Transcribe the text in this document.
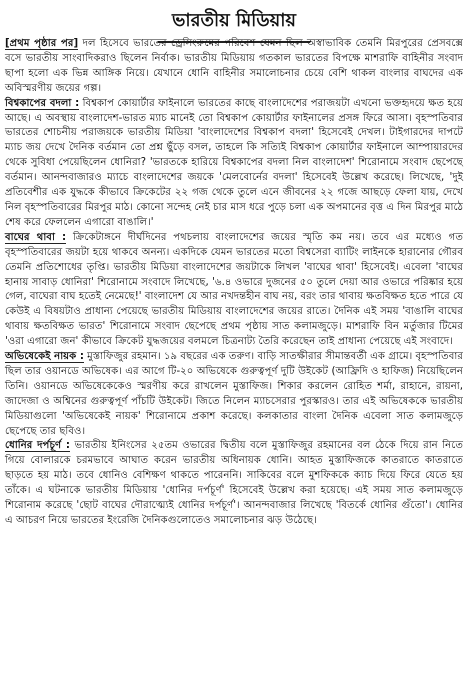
ভারতীয় মিডিয়ায়

[প্রথম পৃষ্ঠার পর] দল হিসেবে ভারতের ড্রেসিংরুমের পরিবেশ যেমন ছিল অস্বাভাবিক তেমনি মিরপুরের প্রেসবক্সে বসে ভারতীয় সাংবাদিকরাও ছিলেন নির্বাক। ভারতীয় মিডিয়ায় গতকাল ভারতের বিপক্ষে মাশরাফি বাহিনীর সংবাদ ছাপা হলো এক ভিন্ন আঙ্গিক নিয়ে। যেখানে ধোনি বাহিনীর সমালোচনার চেয়ে বেশি থাকল বাংলার বাঘদের এক অবিস্মরণীয় জয়ের গল্প।

বিশ্বকাপের বদলা : বিশ্বকাপ কোয়ার্টার ফাইনালে ভারতের কাছে বাংলাদেশের পরাজয়টা এখনো ভক্তহৃদয়ে ক্ষত হয়ে আছে। এ অবস্থায় বাংলাদেশ-ভারত ম্যাচ মানেই তো বিশ্বকাপ কোয়ার্টার ফাইনালের প্রসঙ্গ ফিরে আসা। বৃহস্পতিবার ভারতের শোচনীয় পরাজয়কে ভারতীয় মিডিয়া 'বাংলাদেশের বিশ্বকাপ বদলা' হিসেবেই দেখল। টাইগারদের দাপটে ম্যাচ জয় দেখে দৈনিক বর্তমান তো প্রশ্ন ছুঁড়ে বসল, তাহলে কি সত্যিই বিশ্বকাপ কোয়ার্টার ফাইনালে আম্পায়ারদের থেকে সুবিধা পেয়েছিলেন ধোনিরা? 'ভারতকে হারিয়ে বিশ্বকাপের বদলা নিল বাংলাদেশ' শিরোনামে সংবাদ ছেপেছে বর্তমান। আনন্দবাজারও ম্যাচে বাংলাদেশের জয়কে 'মেলবোর্নের বদলা' হিসেবেই উল্লেখ করেছে। লিখেছে, 'দুই প্রতিবেশীর এক যুদ্ধকে কীভাবে ক্রিকেটের ২২ গজ থেকে তুলে এনে জীবনের ২২ গজে আছড়ে ফেলা যায়, দেখে নিল বৃহস্পতিবারের মিরপুর মাঠ। কোনো সন্দেহ নেই চার মাস ধরে পুড়ে চলা এক অপমানের বৃত্ত এ দিন মিরপুর মাঠে শেষ করে ফেললেন এগারো বাঙালি।'

বাঘের থাবা : ক্রিকেটাঙ্গনে দীর্ঘদিনের পথচলায় বাংলাদেশের জয়ের স্মৃতি কম নয়। তবে এর মধ্যেও গত বৃহস্পতিবারের জয়টা হয়ে থাকবে অনন্য। একদিকে যেমন ভারতের মতো বিশ্বসেরা ব্যাটিং লাইনকে হারানোর গৌরব তেমনি প্রতিশোধের তৃপ্তি। ভারতীয় মিডিয়া বাংলাদেশের জয়টাকে লিখল 'বাঘের থাবা' হিসেবেই। এবেলা 'বাঘের হানায় সাবাড় ধোনিরা' শিরোনামে সংবাদে লিখেছে, '৬.৪ ওভারে দুজনের ৫০ তুলে দেয়া আর ওভারে পরিষ্কার হয়ে গেল, বাঘেরা বাঘ হতেই নেমেছে!' বাংলাদেশ যে আর নখদন্তহীন বাঘ নয়, বরং তার থাবায় ক্ষতবিক্ষত হতে পারে যে কেউই এ বিষয়টাও প্রাধান্য পেয়েছে ভারতীয় মিডিয়ায় বাংলাদেশের জয়ের রাতে। দৈনিক এই সময় 'বাঙালি বাঘের থাবায় ক্ষতবিক্ষত ভারত' শিরোনামে সংবাদ ছেপেছে প্রথম পৃষ্ঠায় সাত কলামজুড়ে। মাশরাফি বিন মর্তুজার টিমের 'ওরা এগারো জন' কীভাবে ক্রিকেট যুদ্ধজয়ের বলমলে চিত্রনাট্য তৈরি করেছেন তাই প্রাধান্য পেয়েছে এই সংবাদে।

অভিষেকেই নায়ক : মুস্তাফিজুর রহমান। ১৯ বছরের এক তরুণ। বাড়ি সাতক্ষীরার সীমান্তবর্তী এক গ্রামে। বৃহস্পতিবার ছিল তার ওয়ানডে অভিষেক। এর আগে টি-২০ অভিষেকে গুরুত্বপূর্ণ দুটি উইকেট (আফ্রিদি ও হাফিজ) নিয়েছিলেন তিনি। ওয়ানডে অভিষেকেকেও স্মরণীয় করে রাখলেন মুস্তাফিজ। শিকার করলেন রোহিত শর্মা, রাহানে, রায়না, জাদেজা ও অশ্বিনের গুরুত্বপূর্ণ পাঁচটি উইকেট। জিতে নিলেন ম্যাচসেরার পুরস্কারও। তার এই অভিষেককে ভারতীয় মিডিয়াগুলো 'অভিষেকেই নায়ক' শিরোনামে প্রকাশ করেছে। কলকাতার বাংলা দৈনিক এবেলা সাত কলামজুড়ে ছেপেছে তার ছবিও।

ধোনির দর্পচূর্ণ : ভারতীয় ইনিংসের ২৫তম ওভারের দ্বিতীয় বলে মুস্তাফিজুর রহমানের বল ঠেকে দিয়ে রান নিতে গিয়ে বোলারকে চরমভাবে আঘাত করেন ভারতীয় অধিনায়ক ধোনি। আহত মুস্তাফিজকে কাতরাতে কাতরাতে ছাড়তে হয় মাঠ। তবে ধোনিও বেশিক্ষণ থাকতে পারেননি। সাকিবের বলে মুশফিককে ক্যাচ দিয়ে ফিরে যেতে হয় তাঁকে। এ ঘটনাকে ভারতীয় মিডিয়ায় 'ধোনির দর্পচূর্ণ' হিসেবেই উল্লেখ করা হয়েছে। এই সময় সাত কলামজুড়ে শিরোনাম করেছে 'ছোট বাঘের দৌরাত্ম্যেই ধোনির দর্পচূর্ণ'। আনন্দবাজার লিখেছে 'বিতর্কে ধোনির গুঁতো'। ধোনির এ আচরণ নিয়ে ভারতের ইংরেজি দৈনিকগুলোতেও সমালোচনার ঝড় উঠেছে।
